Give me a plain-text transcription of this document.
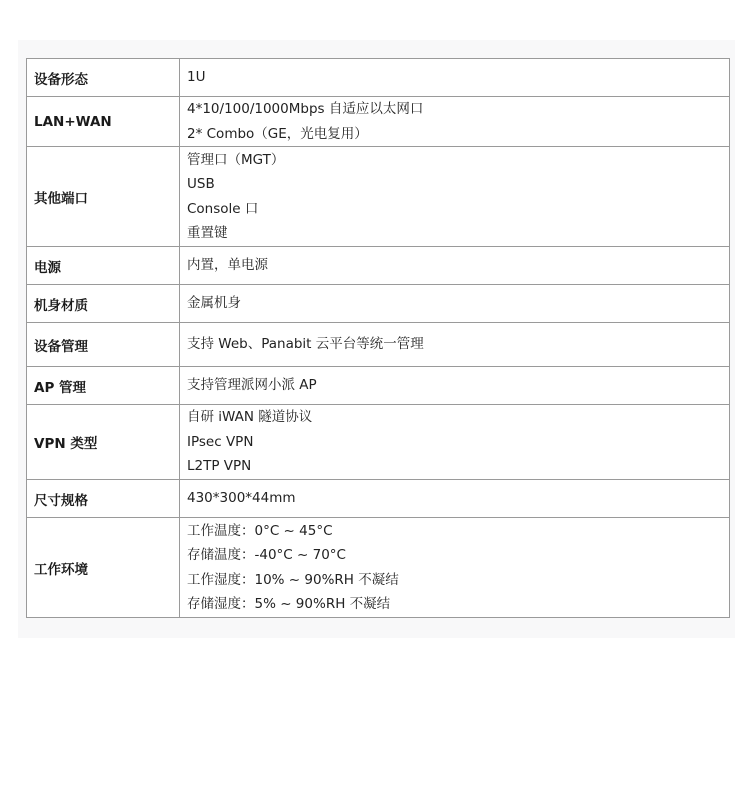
设备形态	1U

LAN+WAN	4*10/100/1000Mbps 自适应以太网口
2* Combo（GE，光电复用）

其他端口	管理口（MGT）
USB
Console 口
重置键

电源	内置，单电源

机身材质	金属机身

设备管理	支持 Web、Panabit 云平台等统一管理

AP 管理	支持管理派网小派 AP

VPN 类型	自研 iWAN 隧道协议
IPsec VPN
L2TP VPN

尺寸规格	430*300*44mm

工作环境	工作温度：0°C ~ 45°C
存储温度：-40°C ~ 70°C
工作湿度：10% ~ 90%RH 不凝结
存储湿度：5% ~ 90%RH 不凝结
